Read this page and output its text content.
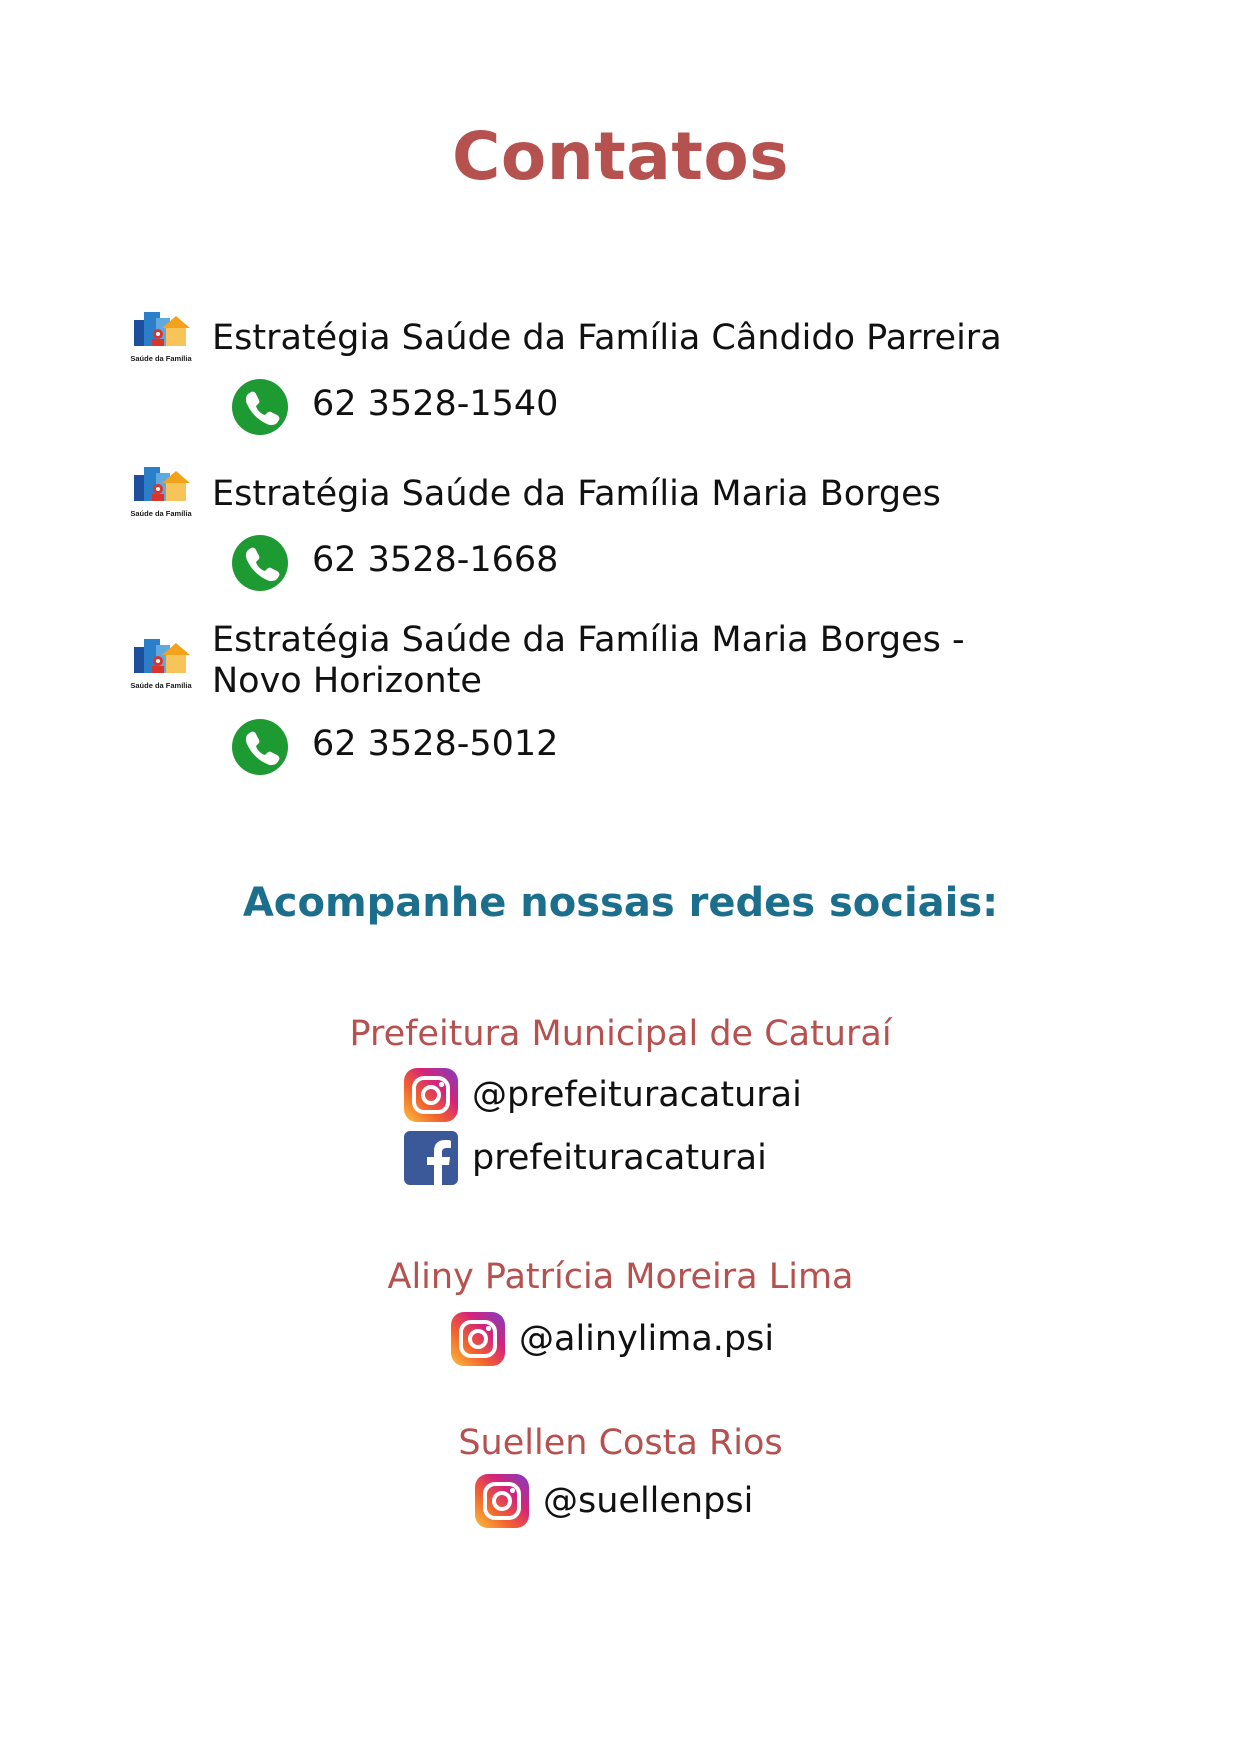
Contatos
Saúde da Família
Estratégia Saúde da Família Cândido Parreira
62 3528-1540
Saúde da Família Estratégia Saúde da Família Maria Borges
62 3528-1668
Saúde da Família
Estratégia Saúde da Família Maria Borges -
Novo Horizonte
62 3528-5012
Acompanhe nossas redes sociais:
Prefeitura Municipal de Caturaí
@prefeituracaturai
prefeituracaturai
Aliny Patrícia Moreira Lima
@alinylima.psi
Suellen Costa Rios
@suellenpsi
